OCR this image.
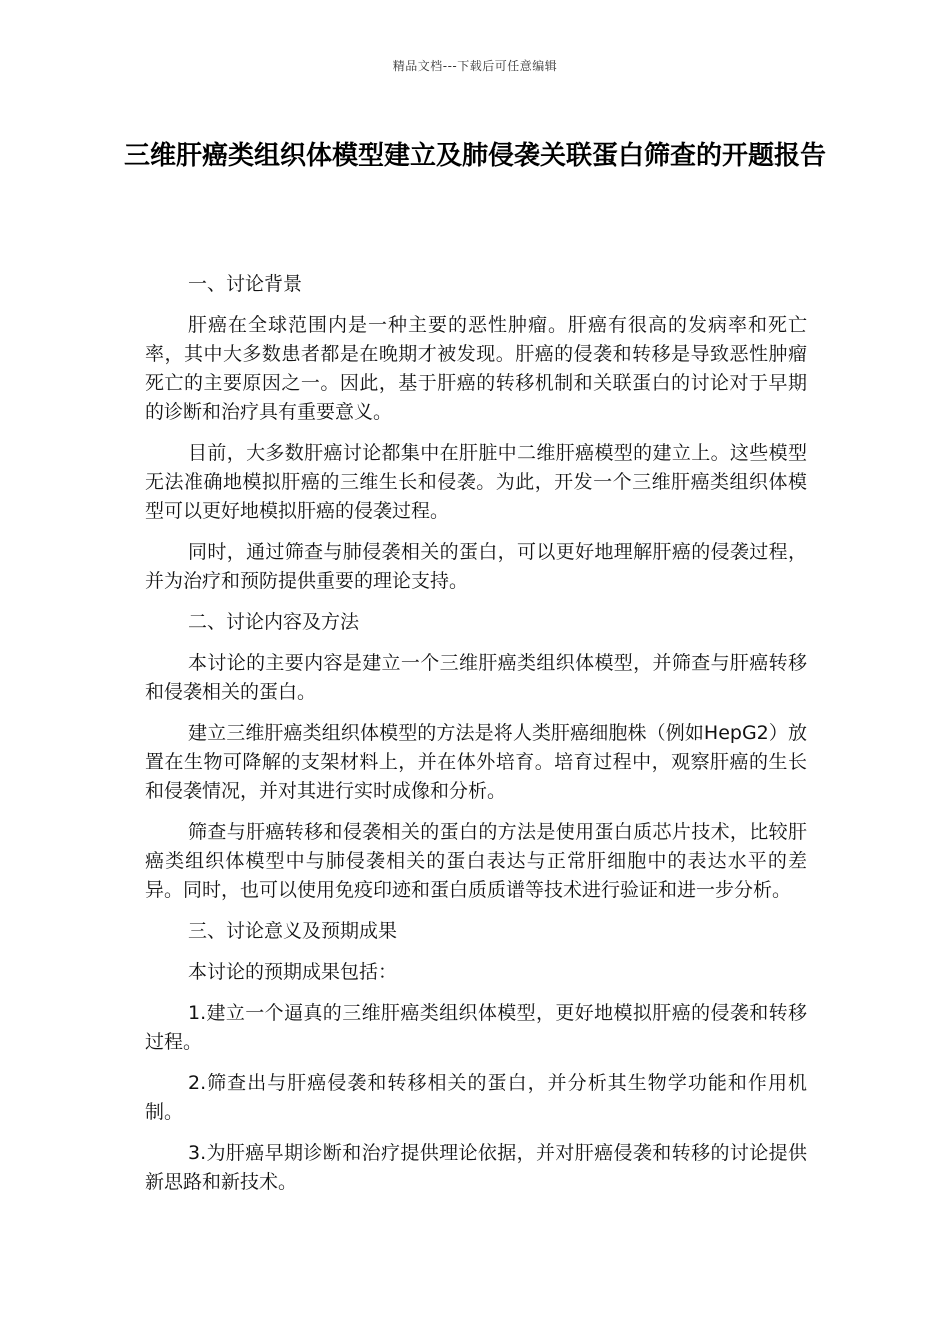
精品文档---下载后可任意编辑
三维肝癌类组织体模型建立及肺侵袭关联蛋白筛查的开题报告

一、讨论背景

肝癌在全球范围内是一种主要的恶性肿瘤。肝癌有很高的发病率和死亡率，其中大多数患者都是在晚期才被发现。肝癌的侵袭和转移是导致恶性肿瘤死亡的主要原因之一。因此，基于肝癌的转移机制和关联蛋白的讨论对于早期的诊断和治疗具有重要意义。

目前，大多数肝癌讨论都集中在肝脏中二维肝癌模型的建立上。这些模型无法准确地模拟肝癌的三维生长和侵袭。为此，开发一个三维肝癌类组织体模型可以更好地模拟肝癌的侵袭过程。

同时，通过筛查与肺侵袭相关的蛋白，可以更好地理解肝癌的侵袭过程，并为治疗和预防提供重要的理论支持。

二、讨论内容及方法

本讨论的主要内容是建立一个三维肝癌类组织体模型，并筛查与肝癌转移和侵袭相关的蛋白。

建立三维肝癌类组织体模型的方法是将人类肝癌细胞株（例如HepG2）放置在生物可降解的支架材料上，并在体外培育。培育过程中，观察肝癌的生长和侵袭情况，并对其进行实时成像和分析。

筛查与肝癌转移和侵袭相关的蛋白的方法是使用蛋白质芯片技术，比较肝癌类组织体模型中与肺侵袭相关的蛋白表达与正常肝细胞中的表达水平的差异。同时，也可以使用免疫印迹和蛋白质质谱等技术进行验证和进一步分析。

三、讨论意义及预期成果

本讨论的预期成果包括：

1.建立一个逼真的三维肝癌类组织体模型，更好地模拟肝癌的侵袭和转移过程。

2.筛查出与肝癌侵袭和转移相关的蛋白，并分析其生物学功能和作用机制。

3.为肝癌早期诊断和治疗提供理论依据，并对肝癌侵袭和转移的讨论提供新思路和新技术。
